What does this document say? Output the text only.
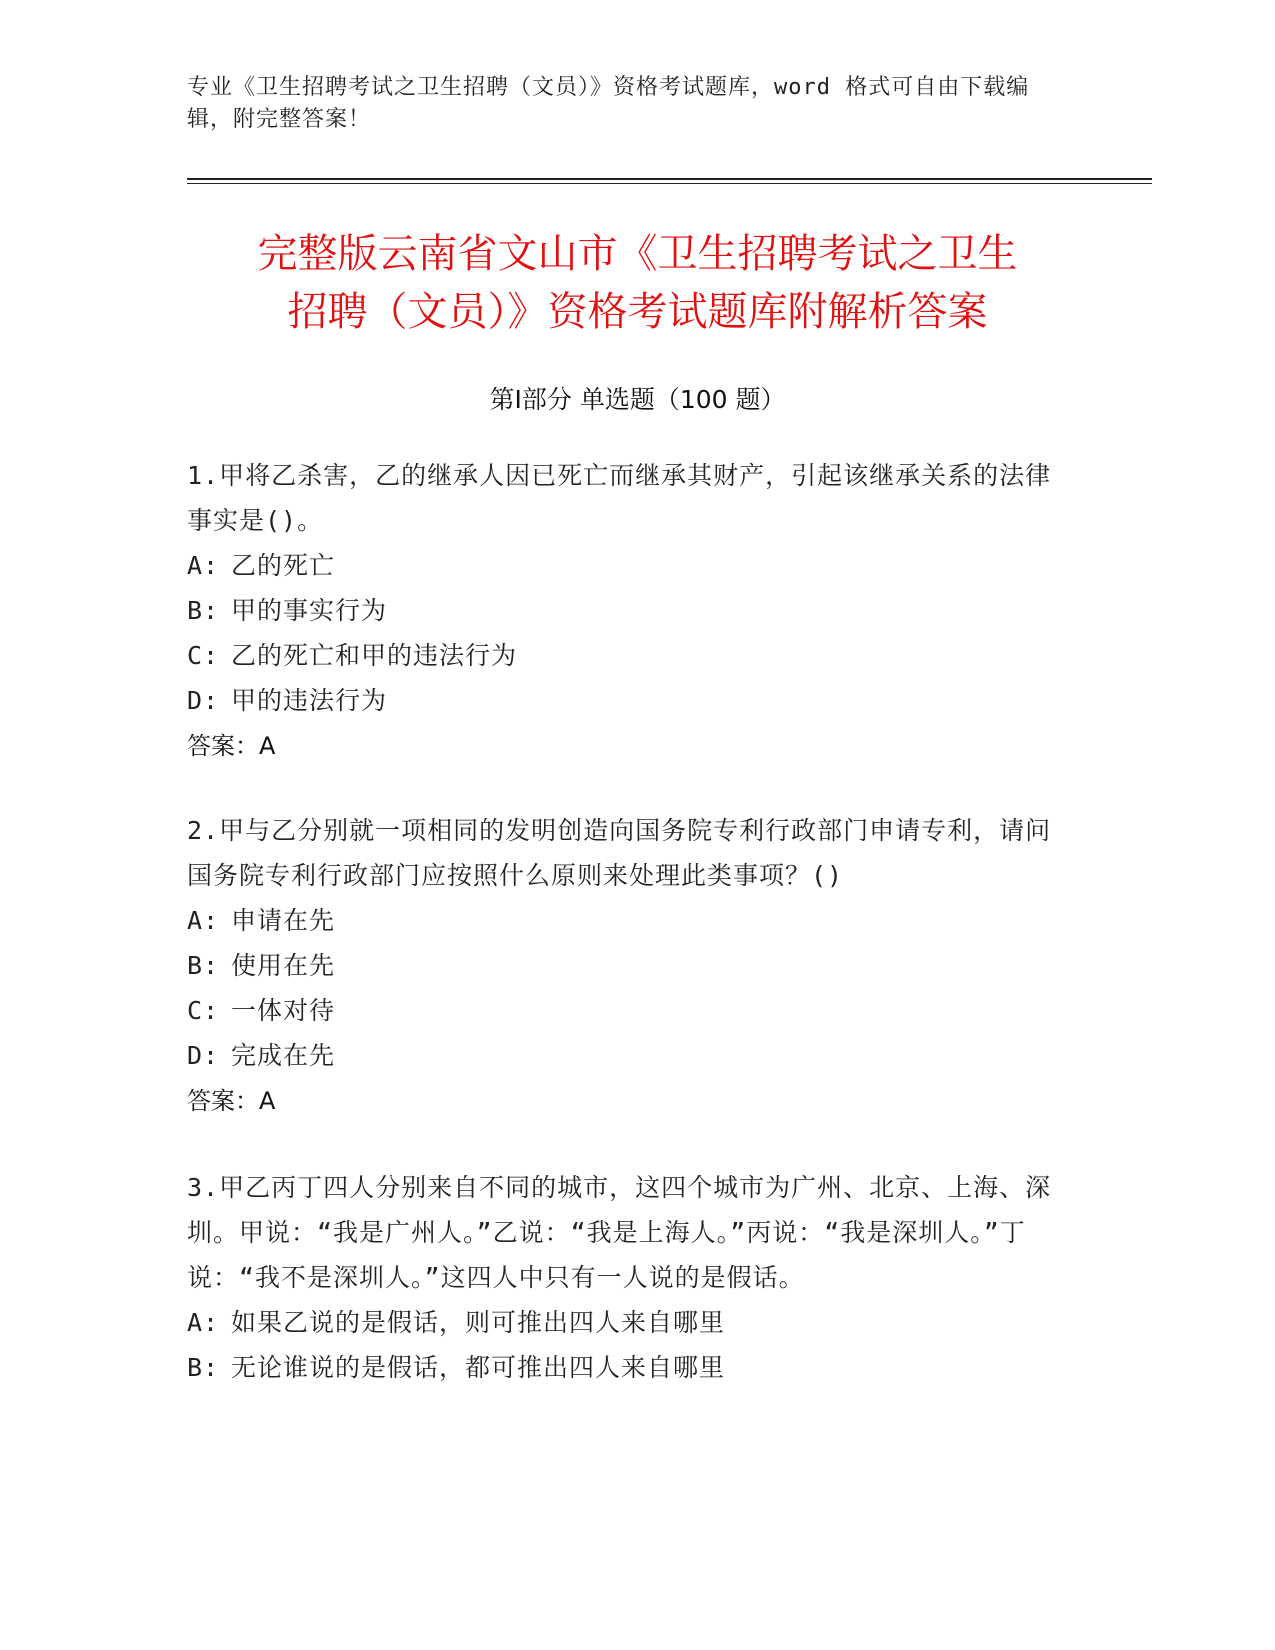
专业《卫生招聘考试之卫生招聘（文员）》资格考试题库，word 格式可自由下载编辑，附完整答案！
完整版云南省文山市《卫生招聘考试之卫生
招聘（文员）》资格考试题库附解析答案
第Ⅰ部分 单选题（100 题）
1.甲将乙杀害，乙的继承人因已死亡而继承其财产，引起该继承关系的法律事实是()。
A: 乙的死亡
B: 甲的事实行为
C: 乙的死亡和甲的违法行为
D: 甲的违法行为
答案：A
2.甲与乙分别就一项相同的发明创造向国务院专利行政部门申请专利，请问国务院专利行政部门应按照什么原则来处理此类事项？()
A: 申请在先
B: 使用在先
C: 一体对待
D: 完成在先
答案：A
3.甲乙丙丁四人分别来自不同的城市，这四个城市为广州、北京、上海、深圳。甲说：“我是广州人。”乙说：“我是上海人。”丙说：“我是深圳人。”丁说：“我不是深圳人。”这四人中只有一人说的是假话。
A: 如果乙说的是假话，则可推出四人来自哪里
B: 无论谁说的是假话，都可推出四人来自哪里
